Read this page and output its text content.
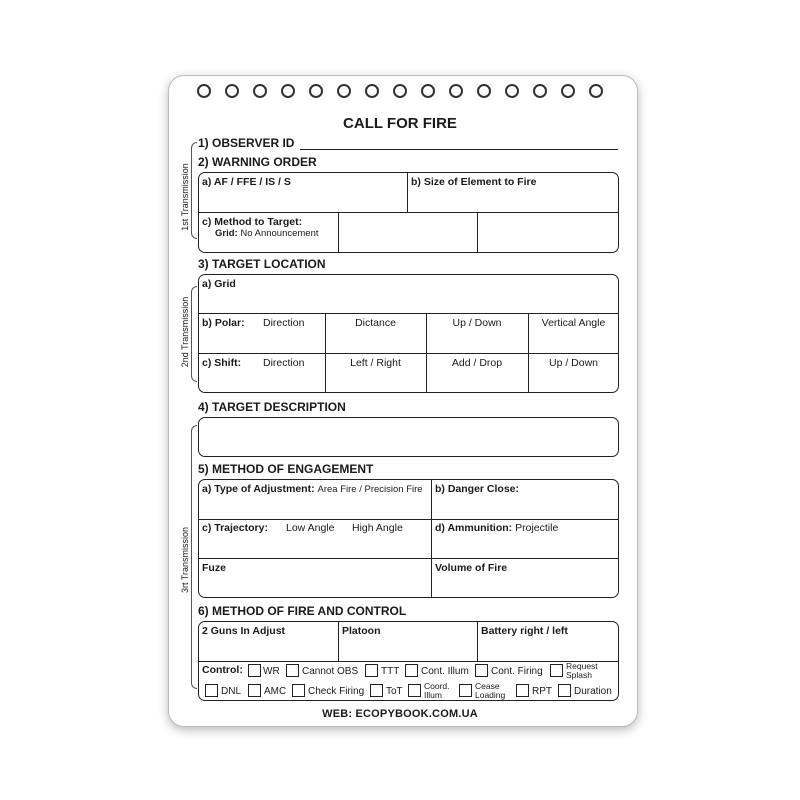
CALL FOR FIRE
1st Transmission
2nd Transmission
3rt Transmission
1) OBSERVER ID
2) WARNING ORDER
a) AF / FFE / IS / S	b) Size of Element to Fire
c) Method to Target:
Grid: No Announcement
3) TARGET LOCATION
a) Grid
b) Polar: Direction	Dictance	Up / Down	Vertical Angle
c) Shift: Direction	Left / Right	Add / Drop	Up / Down
4) TARGET DESCRIPTION
5) METHOD OF ENGAGEMENT
a) Type of Adjustment: Area Fire / Precision Fire b) Danger Close:
c) Trajectory: Low Angle High Angle	d) Ammunition: Projectile
Fuze	Volume of Fire
6) METHOD OF FIRE AND CONTROL
2 Guns In Adjust	Platoon	Battery right / left
Control: WR Cannot OBS TTT Cont. Illum Cont. Firing	Request
Splash
DNL AMC Check Firing ToT	Coord.
Illum
Cease
Loading	RPT Duration
WEB: ECOPYBOOK.COM.UA
